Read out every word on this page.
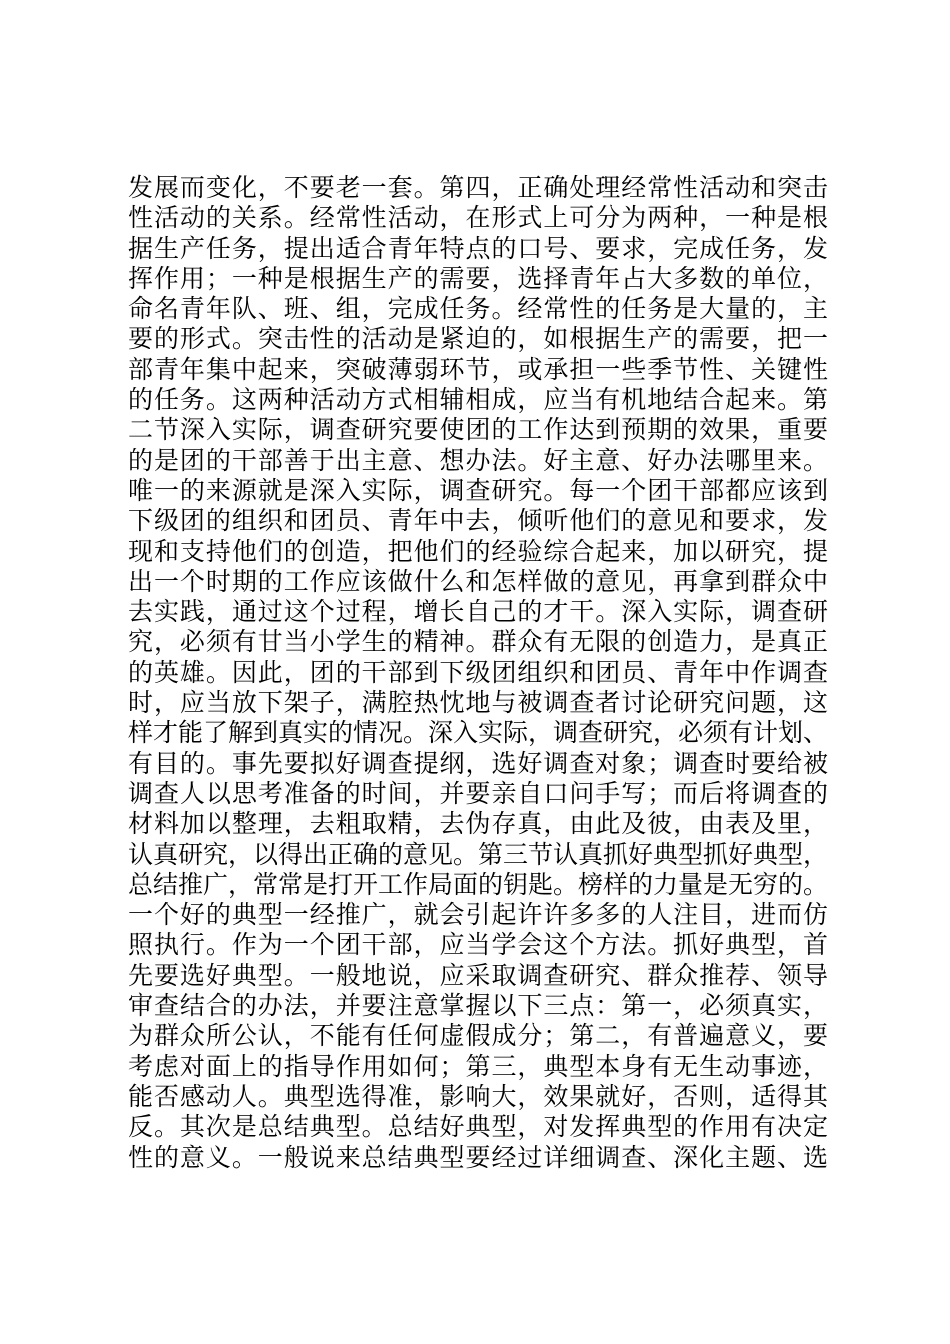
发展而变化，不要老一套。第四，正确处理经常性活动和突击
性活动的关系。经常性活动，在形式上可分为两种，一种是根
据生产任务，提出适合青年特点的口号、要求，完成任务，发
挥作用；一种是根据生产的需要，选择青年占大多数的单位，
命名青年队、班、组，完成任务。经常性的任务是大量的，主
要的形式。突击性的活动是紧迫的，如根据生产的需要，把一
部青年集中起来，突破薄弱环节，或承担一些季节性、关键性
的任务。这两种活动方式相辅相成，应当有机地结合起来。第
二节深入实际，调查研究要使团的工作达到预期的效果，重要
的是团的干部善于出主意、想办法。好主意、好办法哪里来。
唯一的来源就是深入实际，调查研究。每一个团干部都应该到
下级团的组织和团员、青年中去，倾听他们的意见和要求，发
现和支持他们的创造，把他们的经验综合起来，加以研究，提
出一个时期的工作应该做什么和怎样做的意见，再拿到群众中
去实践，通过这个过程，增长自己的才干。深入实际，调查研
究，必须有甘当小学生的精神。群众有无限的创造力，是真正
的英雄。因此，团的干部到下级团组织和团员、青年中作调查
时，应当放下架子，满腔热忱地与被调查者讨论研究问题，这
样才能了解到真实的情况。深入实际，调查研究，必须有计划、
有目的。事先要拟好调查提纲，选好调查对象；调查时要给被
调查人以思考准备的时间，并要亲自口问手写；而后将调查的
材料加以整理，去粗取精，去伪存真，由此及彼，由表及里，
认真研究，以得出正确的意见。第三节认真抓好典型抓好典型，
总结推广，常常是打开工作局面的钥匙。榜样的力量是无穷的。
一个好的典型一经推广，就会引起许许多多的人注目，进而仿
照执行。作为一个团干部，应当学会这个方法。抓好典型，首
先要选好典型。一般地说，应采取调查研究、群众推荐、领导
审查结合的办法，并要注意掌握以下三点：第一，必须真实，
为群众所公认，不能有任何虚假成分；第二，有普遍意义，要
考虑对面上的指导作用如何；第三，典型本身有无生动事迹，
能否感动人。典型选得准，影响大，效果就好，否则，适得其
反。其次是总结典型。总结好典型，对发挥典型的作用有决定
性的意义。一般说来总结典型要经过详细调查、深化主题、选
